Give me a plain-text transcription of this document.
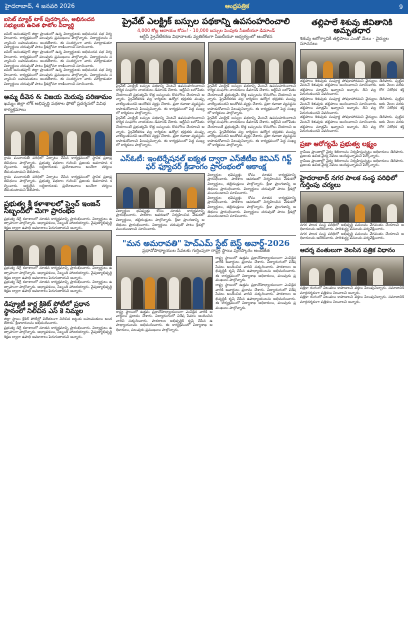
హైదరాబాద్, 4 జనవరి 2026	ఆంధ్రపత్రిక	9
ఐసెట్ మ్యాథ్ టాక్ పురస్కారం, అభినందన సభ్యులకు ఉచిత ఫొటోల విద్యార్థి

ఐసెట్ అనంతపూర్ జిల్లా ప్రాంతంలో ఉన్న విద్యార్థులకు అభినందన సభ నిర్వహించారు. కార్యక్రమంలో పలువురు ప్రముఖులు పాల్గొన్నారు. విద్యార్థులను సన్మానించి బహుమతులు అందజేశారు. ఈ సందర్భంగా వారు మాట్లాడుతూ విద్యార్థులు చదువుతో పాటు క్రీడల్లోనూ రాణించాలని సూచించారు.

ఐసెట్ అనంతపూర్ జిల్లా ప్రాంతంలో ఉన్న విద్యార్థులకు అభినందన సభ నిర్వహించారు. కార్యక్రమంలో పలువురు ప్రముఖులు పాల్గొన్నారు. విద్యార్థులను సన్మానించి బహుమతులు అందజేశారు. ఈ సందర్భంగా వారు మాట్లాడుతూ విద్యార్థులు చదువుతో పాటు క్రీడల్లోనూ రాణించాలని సూచించారు.

ఐసెట్ అనంతపూర్ జిల్లా ప్రాంతంలో ఉన్న విద్యార్థులకు అభినందన సభ నిర్వహించారు. కార్యక్రమంలో పలువురు ప్రముఖులు పాల్గొన్నారు. విద్యార్థులను సన్మానించి బహుమతులు అందజేశారు. ఈ సందర్భంగా వారు మాట్లాడుతూ విద్యార్థులు చదువుతో పాటు క్రీడల్లోనూ రాణించాలని సూచించారు.

అమ్మ దీవెన & విజయ మెరుపు పరిణామం
ఖమ్మం జిల్లా లోక్ అభివృద్ధి పథకాల ఫోటో ప్రదర్శనలో వివిధ కార్యక్రమాలు

గ్రామ పంచాయతీ పరిధిలో ఏర్పాటు చేసిన కార్యక్రమంలో స్థానిక ప్రజాప్రతినిధులు పాల్గొన్నారు. ప్రభుత్వ పథకాల గురించి ప్రజలకు అవగాహన కల్పించారు. అర్హులైన లబ్ధిదారులకు ప్రయోజనాలు అందేలా చర్యలు తీసుకుంటామని తెలిపారు.

గ్రామ పంచాయతీ పరిధిలో ఏర్పాటు చేసిన కార్యక్రమంలో స్థానిక ప్రజాప్రతినిధులు పాల్గొన్నారు. ప్రభుత్వ పథకాల గురించి ప్రజలకు అవగాహన కల్పించారు. అర్హులైన లబ్ధిదారులకు ప్రయోజనాలు అందేలా చర్యలు తీసుకుంటామని తెలిపారు.

ప్రభుత్వ శ్రీ కళాశాలలో స్వైచ్ ఇంజన్ సిబ్బందిలో మెగా ప్రారంభం

ప్రభుత్వ డిగ్రీ కళాశాలలో నూతన కార్యక్రమాన్ని ప్రారంభించారు. విద్యార్థులు ఉత్సాహంగా పాల్గొన్నారు. అధ్యాపకులు, సిబ్బంది హాజరయ్యారు. నైపుణ్యాభివృద్ధి శిక్షణ ద్వారా ఉపాధి అవకాశాలు పెరుగుతాయని అన్నారు.

ప్రభుత్వ డిగ్రీ కళాశాలలో నూతన కార్యక్రమాన్ని ప్రారంభించారు. విద్యార్థులు ఉత్సాహంగా పాల్గొన్నారు. అధ్యాపకులు, సిబ్బంది హాజరయ్యారు. నైపుణ్యాభివృద్ధి శిక్షణ ద్వారా ఉపాధి అవకాశాలు పెరుగుతాయని అన్నారు.

ప్రభుత్వ డిగ్రీ కళాశాలలో నూతన కార్యక్రమాన్ని ప్రారంభించారు. విద్యార్థులు ఉత్సాహంగా పాల్గొన్నారు. అధ్యాపకులు, సిబ్బంది హాజరయ్యారు. నైపుణ్యాభివృద్ధి శిక్షణ ద్వారా ఉపాధి అవకాశాలు పెరుగుతాయని అన్నారు.

డిప్యూటీ కార్ల క్రికెట్ పోటీలో ప్రధాన స్థానంలో నిలిచిన ఎస్ కె నిమ్మల

జిల్లా స్థాయి క్రికెట్ పోటీల్లో విజేతలుగా నిలిచిన జట్టుకు బహుమతులు అందజేశారు. క్రీడాకారులను అభినందించారు.

ప్రభుత్వ డిగ్రీ కళాశాలలో నూతన కార్యక్రమాన్ని ప్రారంభించారు. విద్యార్థులు ఉత్సాహంగా పాల్గొన్నారు. అధ్యాపకులు, సిబ్బంది హాజరయ్యారు. నైపుణ్యాభివృద్ధి శిక్షణ ద్వారా ఉపాధి అవకాశాలు పెరుగుతాయని అన్నారు.

ప్రైవేట్ ఎలక్ట్రిక్ బస్సుల పథకాన్ని ఉపసంహరించాలి
4,000 కోట్ల ఆదాయం కోసం! - 10,000 బస్సుల పెంపుకు సీఐటీయూ డిమాండ్
ఆర్టీసీ ప్రైవేటీకరణ విధానాలకు వ్యతిరేకంగా సీఐటీయూ ఆధ్వర్యంలో ఆందోళన

ప్రైవేట్ ఎలక్ట్రిక్ బస్సుల పథకాన్ని వెంటనే ఉపసంహరించాలని కార్మిక సంఘాల నాయకులు డిమాండ్ చేశారు. ఆర్టీసీని బలోపేతం చేయాలంటే ప్రభుత్వమే కొత్త బస్సులను కొనుగోలు చేయాలని అన్నారు. ప్రైవేటీకరణ వల్ల కార్మికుల ఉద్యోగ భద్రతకు ముప్పు వాటిల్లుతుందని ఆందోళన వ్యక్తం చేశారు. ప్రజా రవాణా వ్యవస్థను కాపాడుకోవాలని పిలుపునిచ్చారు. ఈ కార్యక్రమంలో పెద్ద సంఖ్యలో కార్మికులు పాల్గొన్నారు.

ప్రైవేట్ ఎలక్ట్రిక్ బస్సుల పథకాన్ని వెంటనే ఉపసంహరించాలని కార్మిక సంఘాల నాయకులు డిమాండ్ చేశారు. ఆర్టీసీని బలోపేతం చేయాలంటే ప్రభుత్వమే కొత్త బస్సులను కొనుగోలు చేయాలని అన్నారు. ప్రైవేటీకరణ వల్ల కార్మికుల ఉద్యోగ భద్రతకు ముప్పు వాటిల్లుతుందని ఆందోళన వ్యక్తం చేశారు. ప్రజా రవాణా వ్యవస్థను కాపాడుకోవాలని పిలుపునిచ్చారు. ఈ కార్యక్రమంలో పెద్ద సంఖ్యలో కార్మికులు పాల్గొన్నారు.

ప్రైవేట్ ఎలక్ట్రిక్ బస్సుల పథకాన్ని వెంటనే ఉపసంహరించాలని కార్మిక సంఘాల నాయకులు డిమాండ్ చేశారు. ఆర్టీసీని బలోపేతం చేయాలంటే ప్రభుత్వమే కొత్త బస్సులను కొనుగోలు చేయాలని అన్నారు. ప్రైవేటీకరణ వల్ల కార్మికుల ఉద్యోగ భద్రతకు ముప్పు వాటిల్లుతుందని ఆందోళన వ్యక్తం చేశారు. ప్రజా రవాణా వ్యవస్థను కాపాడుకోవాలని పిలుపునిచ్చారు. ఈ కార్యక్రమంలో పెద్ద సంఖ్యలో కార్మికులు పాల్గొన్నారు.

ప్రైవేట్ ఎలక్ట్రిక్ బస్సుల పథకాన్ని వెంటనే ఉపసంహరించాలని కార్మిక సంఘాల నాయకులు డిమాండ్ చేశారు. ఆర్టీసీని బలోపేతం చేయాలంటే ప్రభుత్వమే కొత్త బస్సులను కొనుగోలు చేయాలని అన్నారు. ప్రైవేటీకరణ వల్ల కార్మికుల ఉద్యోగ భద్రతకు ముప్పు వాటిల్లుతుందని ఆందోళన వ్యక్తం చేశారు. ప్రజా రవాణా వ్యవస్థను కాపాడుకోవాలని పిలుపునిచ్చారు. ఈ కార్యక్రమంలో పెద్ద సంఖ్యలో కార్మికులు పాల్గొన్నారు.

ఎస్‌ఓటీ: ఇంటెర్నేషనల్ ఐక్యత ద్వారా ఎస్‌జీటీఐ కెవిఎస్ గిఫ్ట్ ఫర్ ఫ్యూచర్ క్రీడాంగం ప్రారంభంలో ఆకాంక్ష

విద్యార్థుల భవిష్యత్తు కోసం నూతన కార్యక్రమాన్ని ప్రారంభించారు. పాఠశాల ఆవరణలో నిర్వహించిన వేడుకలో విద్యార్థులు, తల్లిదండ్రులు పాల్గొన్నారు. క్రీడా ప్రాంగణాన్ని అతిథులు ప్రారంభించారు. విద్యార్థులు చదువుతో పాటు క్రీడల్లో ముందుండాలని సూచించారు.

విద్యార్థుల భవిష్యత్తు కోసం నూతన కార్యక్రమాన్ని ప్రారంభించారు. పాఠశాల ఆవరణలో నిర్వహించిన వేడుకలో విద్యార్థులు, తల్లిదండ్రులు పాల్గొన్నారు. క్రీడా ప్రాంగణాన్ని అతిథులు ప్రారంభించారు. విద్యార్థులు చదువుతో పాటు క్రీడల్లో ముందుండాలని సూచించారు.

విద్యార్థుల భవిష్యత్తు కోసం నూతన కార్యక్రమాన్ని ప్రారంభించారు. పాఠశాల ఆవరణలో నిర్వహించిన వేడుకలో విద్యార్థులు, తల్లిదండ్రులు పాల్గొన్నారు. క్రీడా ప్రాంగణాన్ని అతిథులు ప్రారంభించారు. విద్యార్థులు చదువుతో పాటు క్రీడల్లో ముందుండాలని సూచించారు.

"మన అమరావతి" హెచ్ఎమ్ స్టేట్ బెస్ట్ అవార్డ్-2026
ప్రధానోపాధ్యాయుల సేవలకు గుర్తింపుగా రాష్ట్ర స్థాయి పురస్కారం అందజేత

రాష్ట్ర స్థాయిలో ఉత్తమ ప్రధానోపాధ్యాయులుగా ఎంపికైన వారికి అవార్డులు ప్రదానం చేశారు. విద్యారంగంలో విశేష సేవలు అందించిన వారిని సత్కరించారు. పాఠశాలల అభివృద్ధికి కృషి చేసిన ఉపాధ్యాయులను అభినందించారు. ఈ కార్యక్రమంలో విద్యాశాఖ అధికారులు, పలువురు ప్రముఖులు పాల్గొన్నారు.

రాష్ట్ర స్థాయిలో ఉత్తమ ప్రధానోపాధ్యాయులుగా ఎంపికైన వారికి అవార్డులు ప్రదానం చేశారు. విద్యారంగంలో విశేష సేవలు అందించిన వారిని సత్కరించారు. పాఠశాలల అభివృద్ధికి కృషి చేసిన ఉపాధ్యాయులను అభినందించారు. ఈ కార్యక్రమంలో విద్యాశాఖ అధికారులు, పలువురు ప్రముఖులు పాల్గొన్నారు.

రాష్ట్ర స్థాయిలో ఉత్తమ ప్రధానోపాధ్యాయులుగా ఎంపికైన వారికి అవార్డులు ప్రదానం చేశారు. విద్యారంగంలో విశేష సేవలు అందించిన వారిని సత్కరించారు. పాఠశాలల అభివృద్ధికి కృషి చేసిన ఉపాధ్యాయులను అభినందించారు. ఈ కార్యక్రమంలో విద్యాశాఖ అధికారులు, పలువురు ప్రముఖులు పాల్గొన్నారు.

తల్లిపాలే శిశువు జీవితానికి అమృతధార
శిశువు ఆరోగ్యానికి తల్లిపాలు ఎంతో మేలు - వైద్యుల సూచనలు

తల్లిపాలు శిశువుకు సంపూర్ణ పోషకాహారమని వైద్యులు తెలిపారు. పుట్టిన వెంటనే శిశువుకు తల్లిపాలు అందించాలని సూచించారు. ఆరు నెలల వరకు తల్లిపాలు మాత్రమే ఇవ్వాలని అన్నారు. దీని వల్ల రోగ నిరోధక శక్తి పెరుగుతుందని వివరించారు.

తల్లిపాలు శిశువుకు సంపూర్ణ పోషకాహారమని వైద్యులు తెలిపారు. పుట్టిన వెంటనే శిశువుకు తల్లిపాలు అందించాలని సూచించారు. ఆరు నెలల వరకు తల్లిపాలు మాత్రమే ఇవ్వాలని అన్నారు. దీని వల్ల రోగ నిరోధక శక్తి పెరుగుతుందని వివరించారు.

తల్లిపాలు శిశువుకు సంపూర్ణ పోషకాహారమని వైద్యులు తెలిపారు. పుట్టిన వెంటనే శిశువుకు తల్లిపాలు అందించాలని సూచించారు. ఆరు నెలల వరకు తల్లిపాలు మాత్రమే ఇవ్వాలని అన్నారు. దీని వల్ల రోగ నిరోధక శక్తి పెరుగుతుందని వివరించారు.

ప్రజా ఆరోగ్యమే ప్రభుత్వ లక్ష్యం

గ్రామీణ ప్రాంతాల్లో వైద్య శిబిరాలను నిర్వహిస్తున్నట్లు అధికారులు తెలిపారు. ప్రజలకు ఉచిత వైద్య సేవలు అందిస్తున్నామని పేర్కొన్నారు.

గ్రామీణ ప్రాంతాల్లో వైద్య శిబిరాలను నిర్వహిస్తున్నట్లు అధికారులు తెలిపారు. ప్రజలకు ఉచిత వైద్య సేవలు అందిస్తున్నామని పేర్కొన్నారు.

హైదరాబాద్ నగర పాలక సంస్థ పరిధిలో గుర్తింపు చర్యలు

నగర పాలక సంస్థ పరిధిలో అభివృద్ధి పనులను వేగవంతం చేయాలని అధికారులను ఆదేశించారు. పారిశుద్ధ్య పనులను పర్యవేక్షించారు.

నగర పాలక సంస్థ పరిధిలో అభివృద్ధి పనులను వేగవంతం చేయాలని అధికారులను ఆదేశించారు. పారిశుద్ధ్య పనులను పర్యవేక్షించారు.

ఆదర్శ వంతులుగా వెలసిన పత్రిక విధానం

పత్రికా రంగంలో విలువలు కాపాడాలని వక్తలు పిలుపునిచ్చారు. సమాజానికి మార్గదర్శకంగా పత్రికలు నిలవాలని అన్నారు.

పత్రికా రంగంలో విలువలు కాపాడాలని వక్తలు పిలుపునిచ్చారు. సమాజానికి మార్గదర్శకంగా పత్రికలు నిలవాలని అన్నారు.
